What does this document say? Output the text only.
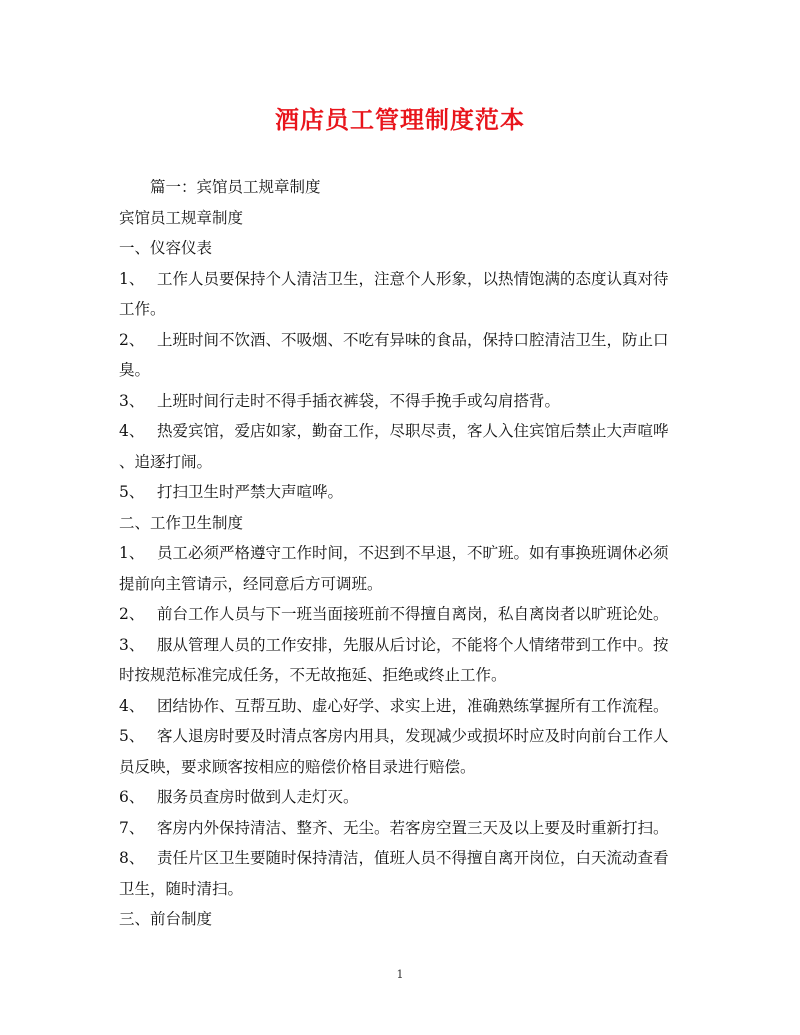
酒店员工管理制度范本

篇一：宾馆员工规章制度

宾馆员工规章制度

一、仪容仪表

1、 工作人员要保持个人清洁卫生，注意个人形象，以热情饱满的态度认真对待
工作。
2、 上班时间不饮酒、不吸烟、不吃有异味的食品，保持口腔清洁卫生，防止口
臭。
3、 上班时间行走时不得手插衣裤袋，不得手挽手或勾肩搭背。
4、 热爱宾馆，爱店如家，勤奋工作，尽职尽责，客人入住宾馆后禁止大声喧哗
、追逐打闹。
5、 打扫卫生时严禁大声喧哗。

二、工作卫生制度

1、 员工必须严格遵守工作时间，不迟到不早退，不旷班。如有事换班调休必须
提前向主管请示，经同意后方可调班。
2、 前台工作人员与下一班当面接班前不得擅自离岗，私自离岗者以旷班论处。
3、 服从管理人员的工作安排，先服从后讨论，不能将个人情绪带到工作中。按
时按规范标准完成任务，不无故拖延、拒绝或终止工作。
4、 团结协作、互帮互助、虚心好学、求实上进，准确熟练掌握所有工作流程。
5、 客人退房时要及时清点客房内用具，发现减少或损坏时应及时向前台工作人
员反映，要求顾客按相应的赔偿价格目录进行赔偿。
6、 服务员查房时做到人走灯灭。
7、 客房内外保持清洁、整齐、无尘。若客房空置三天及以上要及时重新打扫。
8、 责任片区卫生要随时保持清洁，值班人员不得擅自离开岗位，白天流动查看
卫生，随时清扫。

三、前台制度

1
